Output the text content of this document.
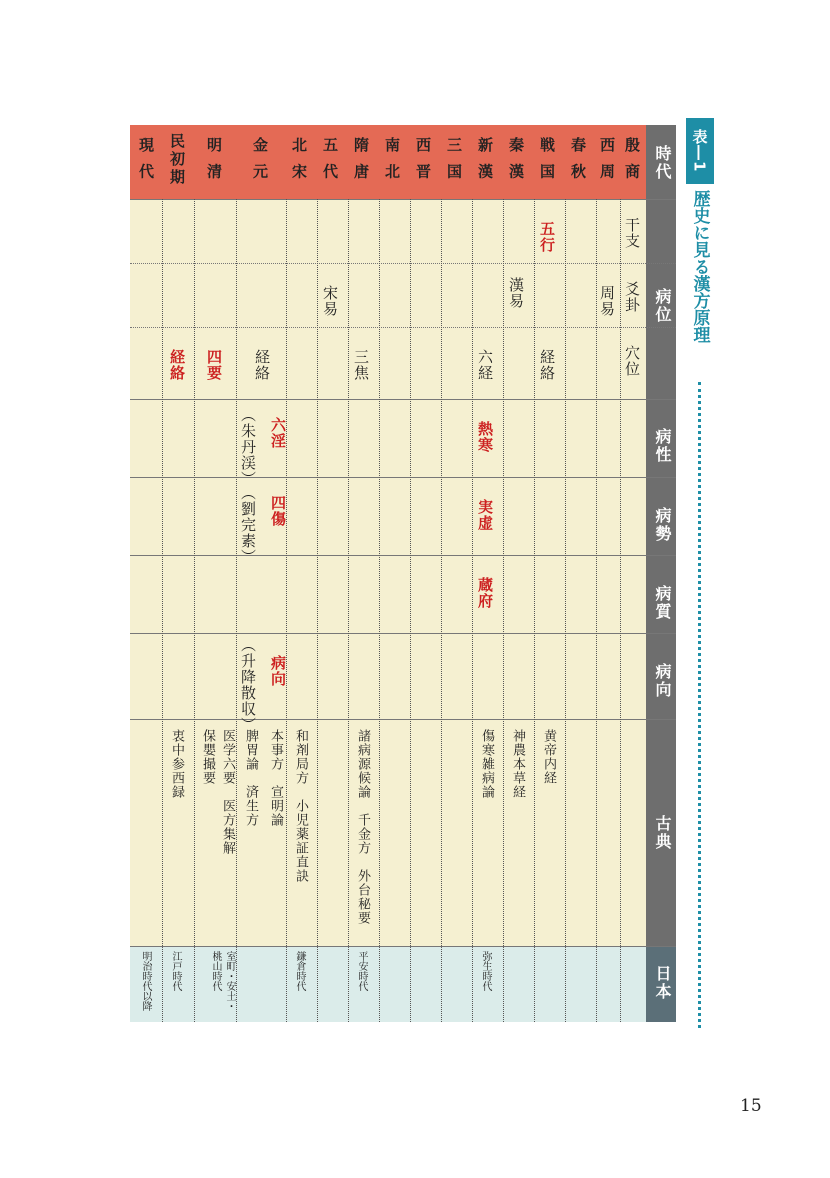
表―1
歴史に見る漢方原理
時代
病位
病性
病勢
病質
病向
古典
日本
殷 商
西 周
春 秋
戦 国
秦 漢
新 漢
三 国
西 晋
南 北
隋 唐
五 代
北 宋
金 元
明 清
民初期
現 代
干支
五行
爻卦
周易
漢易
宋易
穴位
経絡
六経
三焦
経絡
四要
経絡
熱寒
六淫
（朱丹渓）
実虚
四傷
（劉完素）
蔵府
病向
（升降散収）
黄帝内経
神農本草経
傷寒雑病論
諸病源候論　千金方　外台秘要
和剤局方　小児薬証直訣
本事方　宣明論
脾胃論　済生方
医学六要　医方集解
保嬰撮要
衷中参西録
弥生時代
平安時代
鎌倉時代
室町・安土・
桃山時代
江戸時代
明治時代以降
15
